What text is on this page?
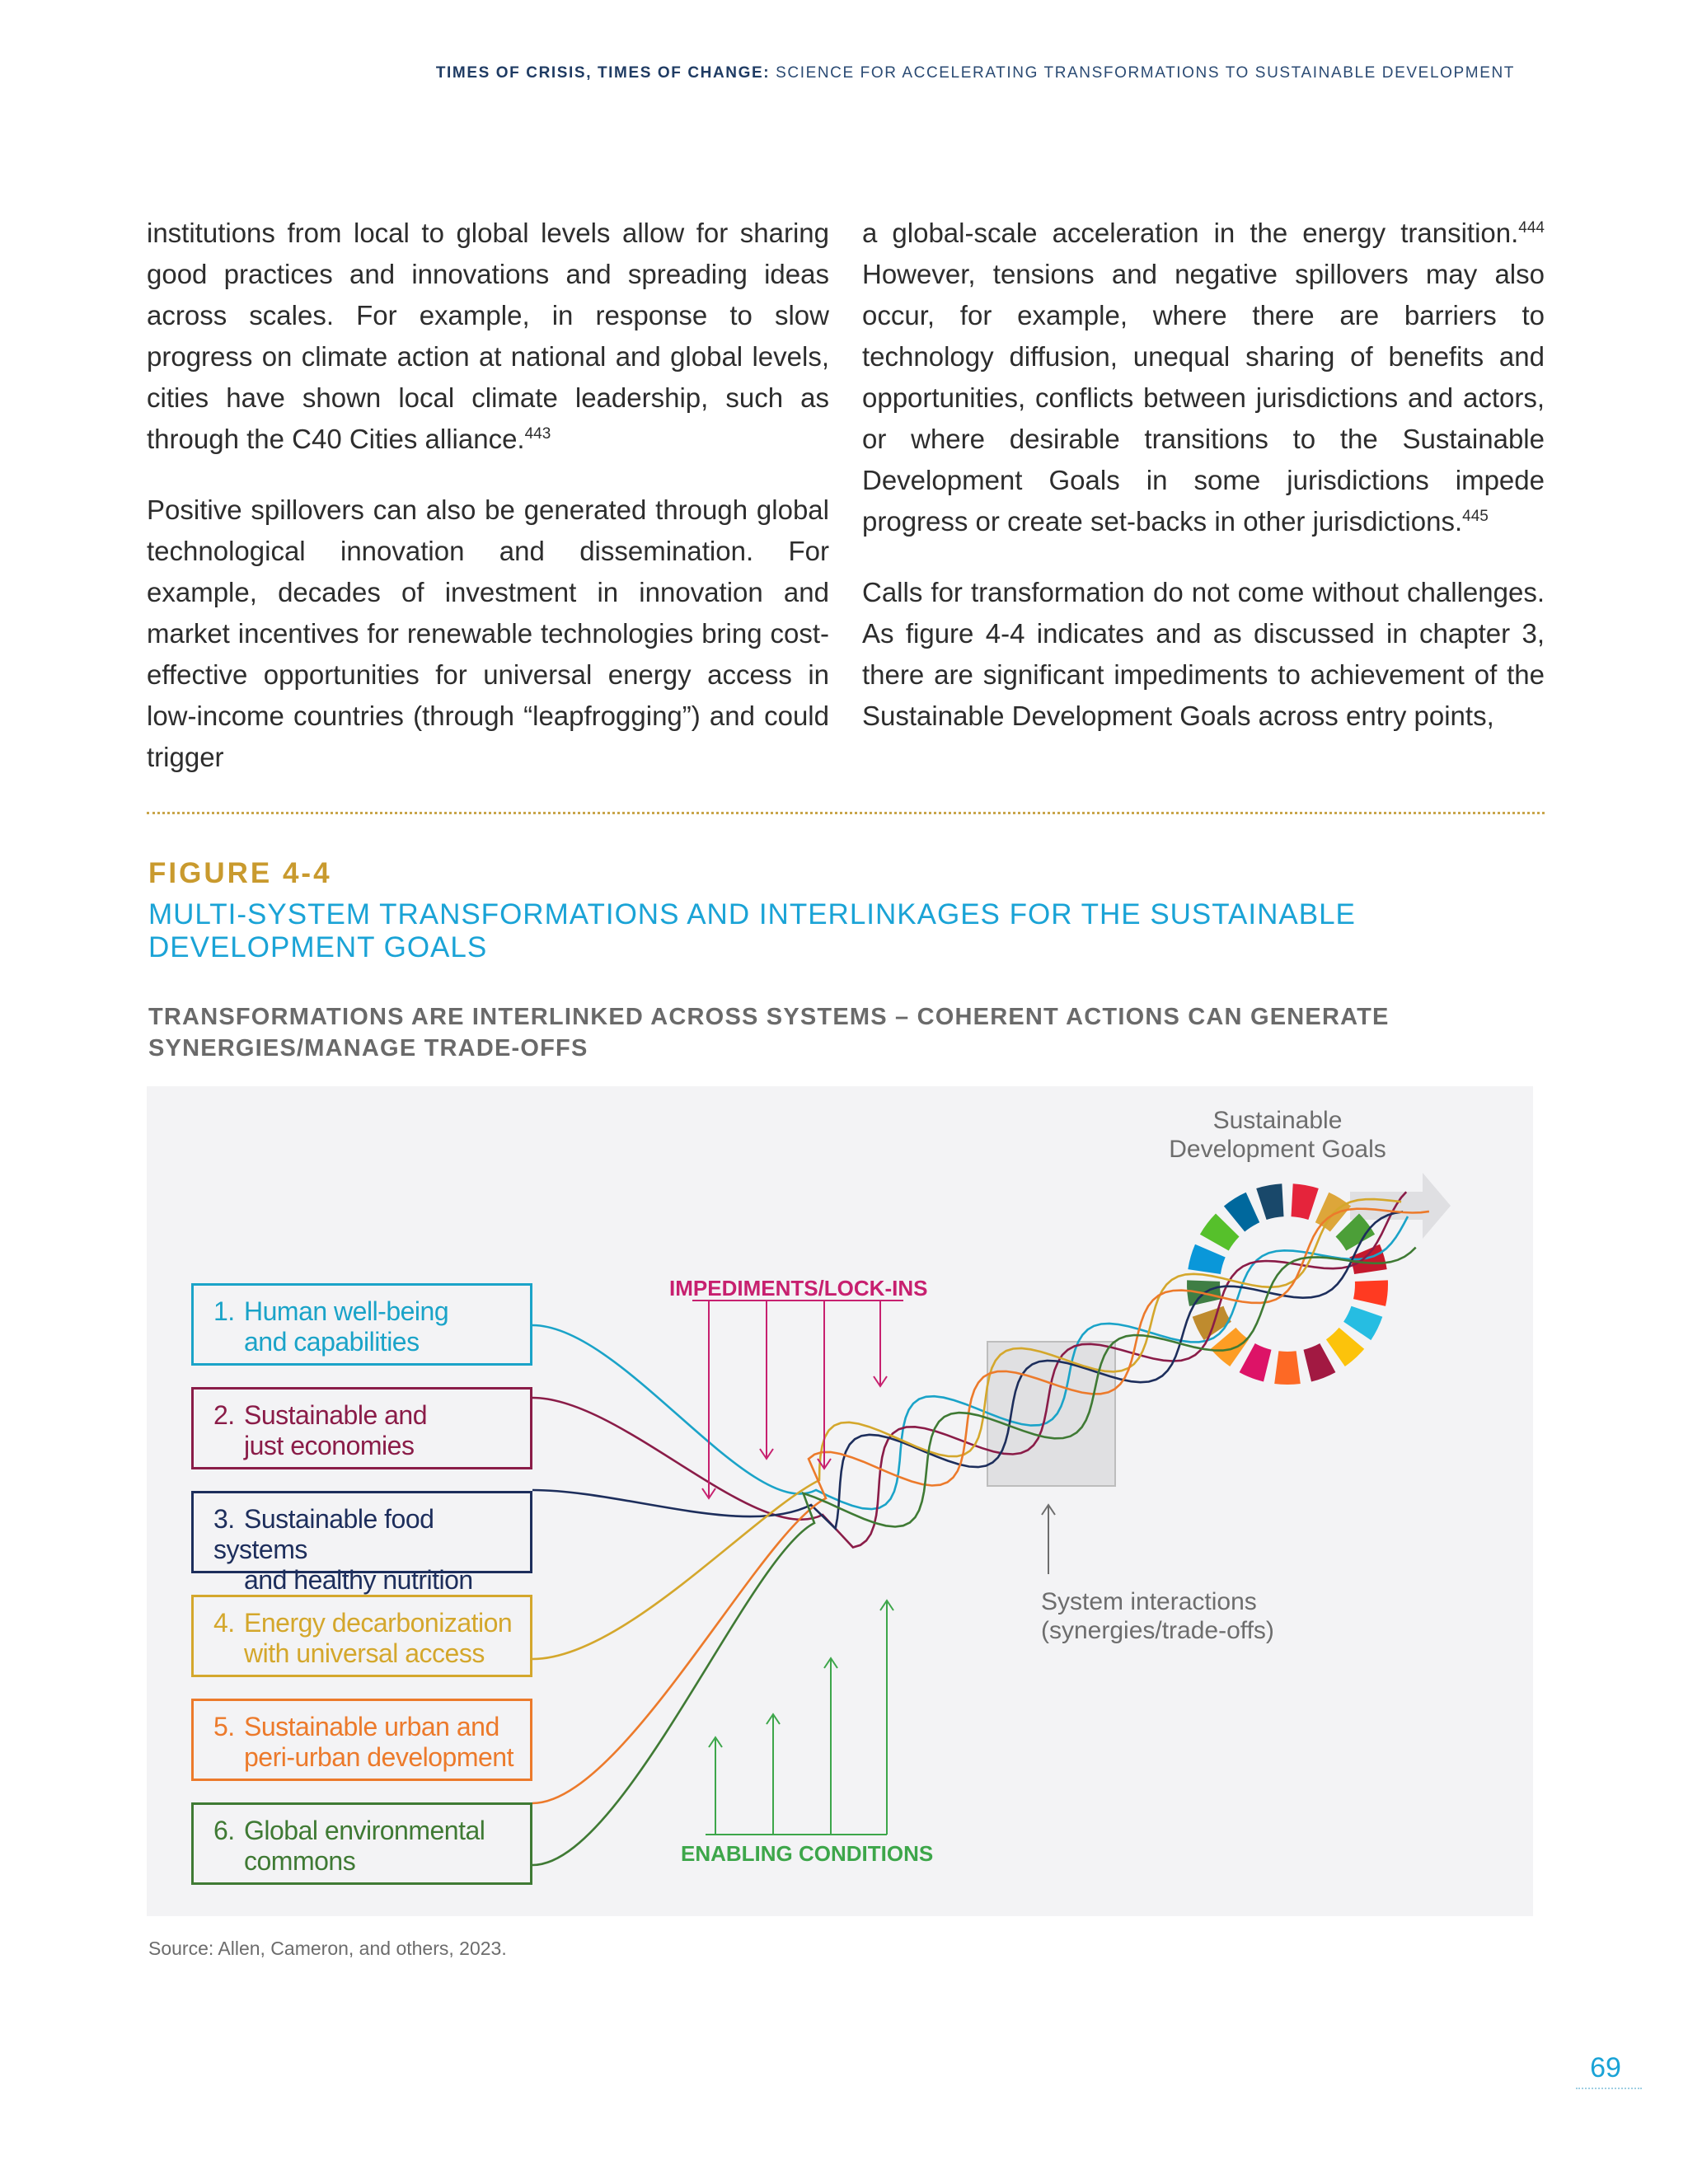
TIMES OF CRISIS, TIMES OF CHANGE: SCIENCE FOR ACCELERATING TRANSFORMATIONS TO SUSTAINABLE DEVELOPMENT

institutions from local to global levels allow for sharing good practices and innovations and spreading ideas across scales. For example, in response to slow progress on climate action at national and global levels, cities have shown local climate leadership, such as through the C40 Cities alliance.$^{443}$

Positive spillovers can also be generated through global technological innovation and dissemination. For example, decades of investment in innovation and market incentives for renewable technologies bring cost-effective opportunities for universal energy access in low-income countries (through “leapfrogging”) and could trigger

a global-scale acceleration in the energy transition.$^{444}$ However, tensions and negative spillovers may also occur, for example, where there are barriers to technology diffusion, unequal sharing of benefits and opportunities, conflicts between jurisdictions and actors, or where desirable transitions to the Sustainable Development Goals in some jurisdictions impede progress or create set-backs in other jurisdictions.$^{445}$

Calls for transformation do not come without challenges. As figure 4-4 indicates and as discussed in chapter 3, there are significant impediments to achievement of the Sustainable Development Goals across entry points,

FIGURE 4-4
MULTI-SYSTEM TRANSFORMATIONS AND INTERLINKAGES FOR THE SUSTAINABLE DEVELOPMENT GOALS
TRANSFORMATIONS ARE INTERLINKED ACROSS SYSTEMS – COHERENT ACTIONS CAN GENERATE SYNERGIES/MANAGE TRADE-OFFS
1. Human well-being
and capabilities
2. Sustainable and
just economies
3. Sustainable food systems
and healthy nutrition
4. Energy decarbonization
with universal access
5. Sustainable urban and
peri-urban development
6. Global environmental
commons
IMPEDIMENTS/LOCK-INS
ENABLING CONDITIONS
Sustainable Development Goals
System interactions
(synergies/trade-offs)
Source: Allen, Cameron, and others, 2023.
69
